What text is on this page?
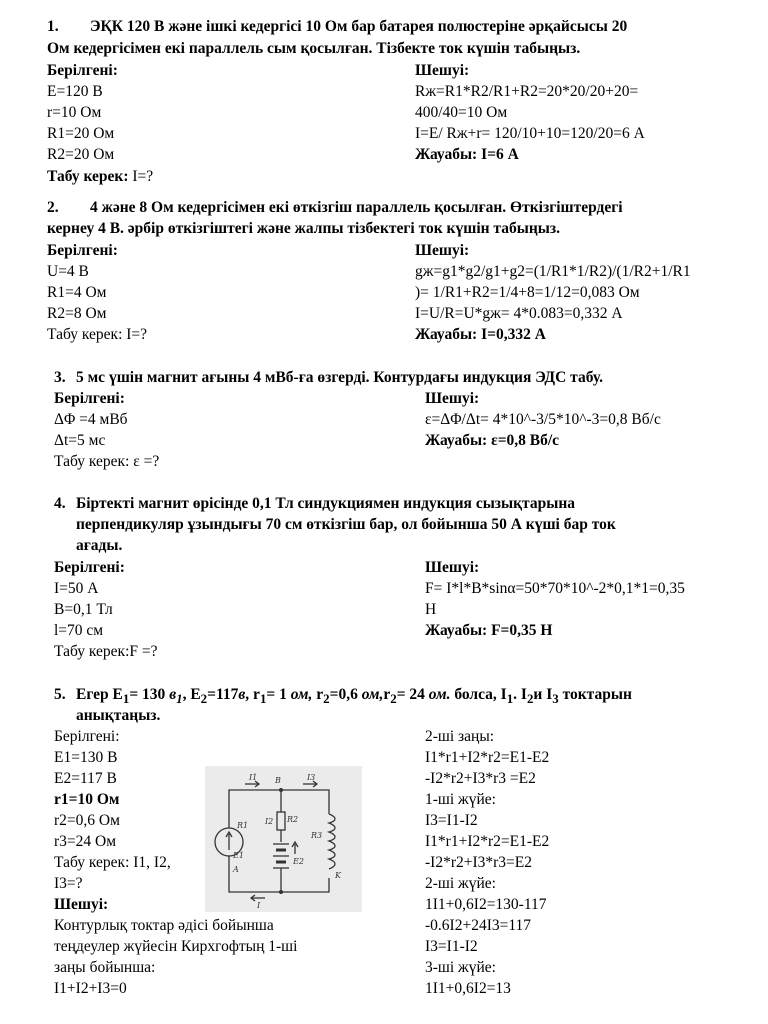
1. ЭҚК 120 В және ішкі кедергісі 10 Ом бар батарея полюстеріне әрқайсысы 20
Ом кедергісімен екі параллель сым қосылған. Тізбекте ток күшін табыңыз.
Берілгені:
E=120 В
r=10 Ом
R1=20 Ом
R2=20 Ом
Табу керек: I=?
Шешуі:
Rж=R1*R2/R1+R2=20*20/20+20=
400/40=10 Ом
I=E/ Rж+r= 120/10+10=120/20=6 А
Жауабы: I=6 А
2. 4 және 8 Ом кедергісімен екі өткізгіш параллель қосылған. Өткізгіштердегі
кернеу 4 В. әрбір өткізгіштегі және жалпы тізбектегі ток күшін табыңыз.
Берілгені:
U=4 В
R1=4 Ом
R2=8 Ом
Табу керек: I=?
Шешуі:
gж=g1*g2/g1+g2=(1/R1*1/R2)/(1/R2+1/R1
)= 1/R1+R2=1/4+8=1/12=0,083 Ом
I=U/R=U*gж= 4*0.083=0,332 А
Жауабы: I=0,332 А
3. 5 мс үшін магнит ағыны 4 мВб-ға өзгерді. Контурдағы индукция ЭДС табу.
Берілгені:
ΔΦ =4 мВб
Δt=5 мс
Табу керек: ε =?
Шешуі:
ε=ΔΦ/Δt= 4*10^-3/5*10^-3=0,8 Вб/с
Жауабы: ε=0,8 Вб/с
4. Біртекті магнит өрісінде 0,1 Тл синдукциямен индукция сызықтарына
перпендикуляр ұзындығы 70 см өткізгіш бар, ол бойынша 50 А күші бар ток
ағады.
Берілгені:
I=50 А
B=0,1 Тл
l=70 см
Табу керек:F =?
Шешуі:
F= I*l*B*sinα=50*70*10^-2*0,1*1=0,35
Н
Жауабы: F=0,35 Н
5. Егер $E_1= 130$ $в_1$, $E_2=117в$, $r_1= 1$ ом, $r_2=0,6$ $ом,r_2= 24$ ом. болса, $I_1$. $I_2и$ $I_3$ токтарын
анықтаңыз.
Берілгені:
E1=130 В
E2=117 В
r1=10 Ом
r2=0,6 Ом
r3=24 Ом
Табу керек: I1, I2,
I3=?
Шешуі:
Контурлық токтар әдісі бойынша
теңдеулер жүйесін Кирхгофтың 1-ші
заңы бойынша:
I1+I2+I3=0
2-ші заңы:
I1*r1+I2*r2=E1-E2
-I2*r2+I3*r3 =E2
1-ші жүйе:
I3=I1-I2
I1*r1+I2*r2=E1-E2
-I2*r2+I3*r3=E2
2-ші жүйе:
1I1+0,6I2=130-117
-0.6I2+24I3=117
I3=I1-I2
3-ші жүйе:
1I1+0,6I2=13
I1 B	I3
I2
E1
E2
R1
R2
R3
A
K
I
